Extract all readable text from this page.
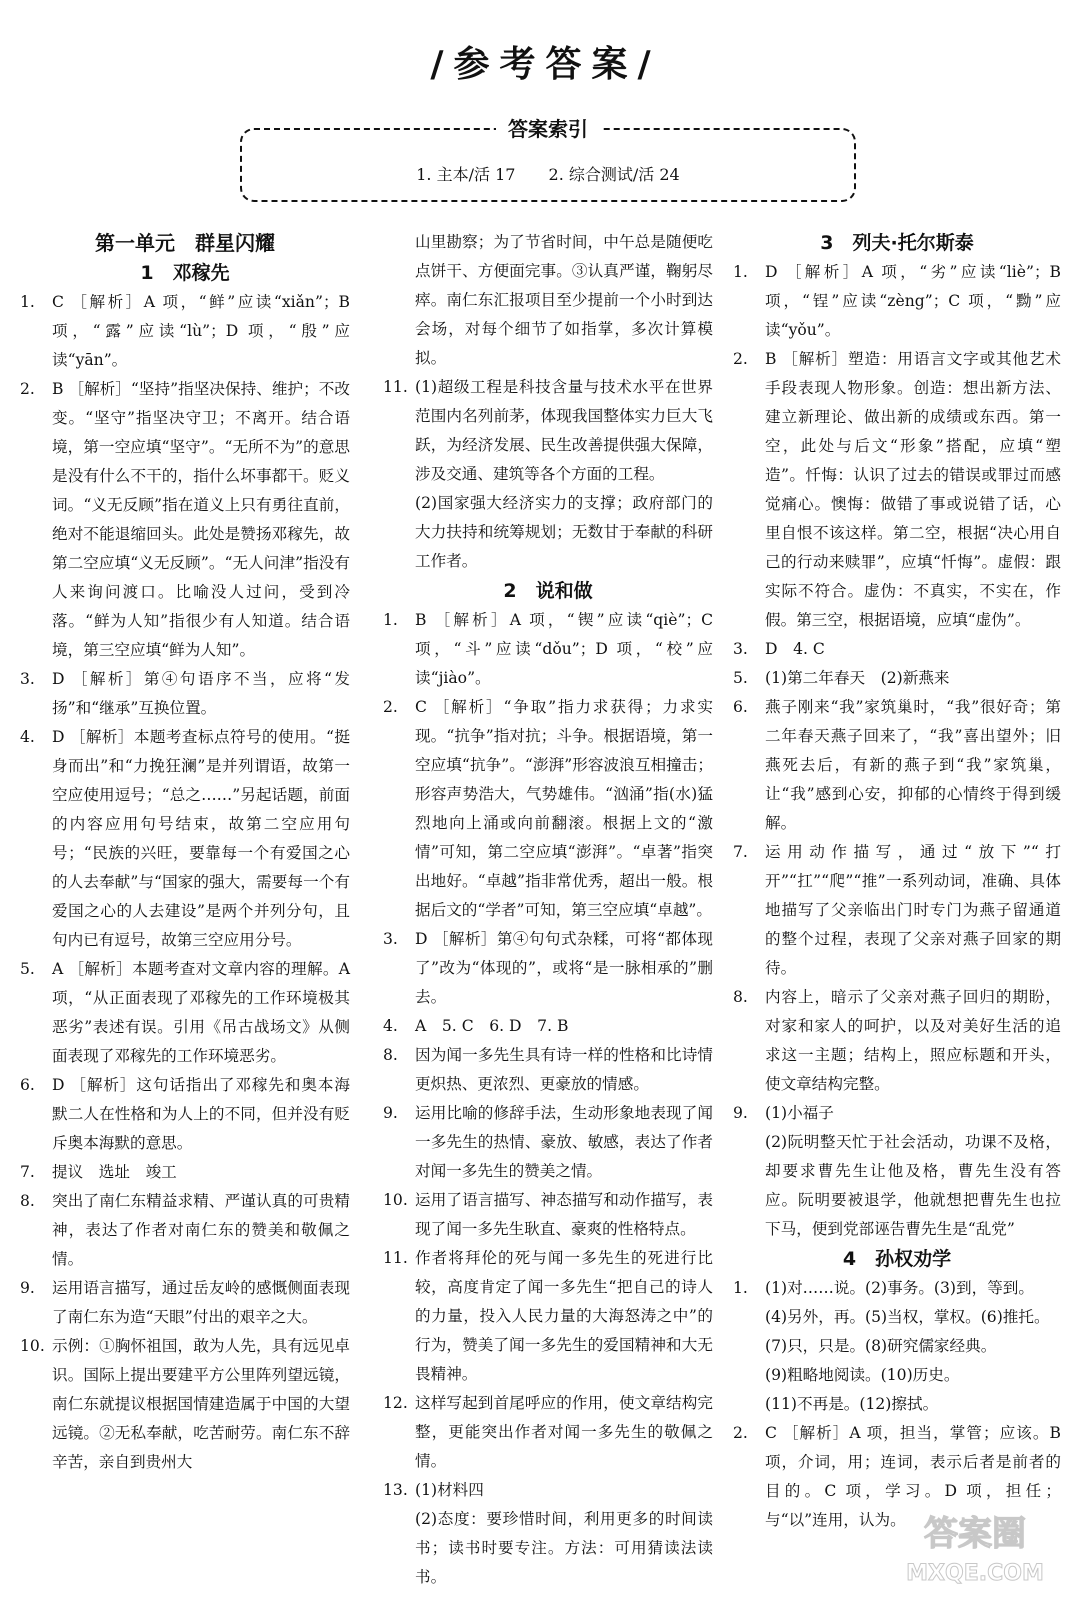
/参考答案/
答案索引
1. 主本/活 17 2. 综合测试/活 24
第一单元　群星闪耀
1　邓稼先
1.	C ［解析］A 项，“鲜”应读“xiǎn”；B项，“露”应读“lù”；D 项，“殷”应读“yān”。
2.	B ［解析］“坚持”指坚决保持、维护；不改变。“坚守”指坚决守卫；不离开。结合语境，第一空应填“坚守”。“无所不为”的意思是没有什么不干的，指什么坏事都干。贬义词。“义无反顾”指在道义上只有勇往直前，绝对不能退缩回头。此处是赞扬邓稼先，故第二空应填“义无反顾”。“无人问津”指没有人来询问渡口。比喻没人过问，受到冷落。“鲜为人知”指很少有人知道。结合语境，第三空应填“鲜为人知”。
3.	D ［解析］第④句语序不当，应将“发扬”和“继承”互换位置。
4.	D ［解析］本题考查标点符号的使用。“挺身而出”和“力挽狂澜”是并列谓语，故第一空应使用逗号；“总之……”另起话题，前面的内容应用句号结束，故第二空应用句号；“民族的兴旺，要靠每一个有爱国之心的人去奉献”与“国家的强大，需要每一个有爱国之心的人去建设”是两个并列分句，且句内已有逗号，故第三空应用分号。
5.	A ［解析］本题考查对文章内容的理解。A 项，“从正面表现了邓稼先的工作环境极其恶劣”表述有误。引用《吊古战场文》从侧面表现了邓稼先的工作环境恶劣。
6.	D ［解析］这句话指出了邓稼先和奥本海默二人在性格和为人上的不同，但并没有贬斥奥本海默的意思。
7.	提议　选址　竣工
8.	突出了南仁东精益求精、严谨认真的可贵精神，表达了作者对南仁东的赞美和敬佩之情。
9.	运用语言描写，通过岳友岭的感慨侧面表现了南仁东为造“天眼”付出的艰辛之大。
10. 示例：①胸怀祖国，敢为人先，具有远见卓识。国际上提出要建平方公里阵列望远镜，南仁东就提议根据国情建造属于中国的大望远镜。②无私奉献，吃苦耐劳。南仁东不辞辛苦，亲自到贵州大
山里勘察；为了节省时间，中午总是随便吃点饼干、方便面完事。③认真严谨，鞠躬尽瘁。南仁东汇报项目至少提前一个小时到达会场，对每个细节了如指掌，多次计算模拟。
11. (1)超级工程是科技含量与技术水平在世界范围内名列前茅，体现我国整体实力巨大飞跃，为经济发展、民生改善提供强大保障，涉及交通、建筑等各个方面的工程。
(2)国家强大经济实力的支撑；政府部门的大力扶持和统筹规划；无数甘于奉献的科研工作者。
2　说和做
1.	B ［解析］A 项，“锲”应读“qiè”；C 项，“斗”应读“dǒu”；D 项，“校”应读“jiào”。
2.	C ［解析］“争取”指力求获得；力求实现。“抗争”指对抗；斗争。根据语境，第一空应填“抗争”。“澎湃”形容波浪互相撞击；形容声势浩大，气势雄伟。“汹涌”指(水)猛烈地向上涌或向前翻滚。根据上文的“激情”可知，第二空应填“澎湃”。“卓著”指突出地好。“卓越”指非常优秀，超出一般。根据后文的“学者”可知，第三空应填“卓越”。
3.	D ［解析］第④句句式杂糅，可将“都体现了”改为“体现的”，或将“是一脉相承的”删去。
4.	A　5. C　6. D　7. B
8.	因为闻一多先生具有诗一样的性格和比诗情更炽热、更浓烈、更豪放的情感。
9.	运用比喻的修辞手法，生动形象地表现了闻一多先生的热情、豪放、敏感，表达了作者对闻一多先生的赞美之情。
10. 运用了语言描写、神态描写和动作描写，表现了闻一多先生耿直、豪爽的性格特点。
11. 作者将拜伦的死与闻一多先生的死进行比较，高度肯定了闻一多先生“把自己的诗人的力量，投入人民力量的大海怒涛之中”的行为，赞美了闻一多先生的爱国精神和大无畏精神。
12. 这样写起到首尾呼应的作用，使文章结构完整，更能突出作者对闻一多先生的敬佩之情。
13. (1)材料四
(2)态度：要珍惜时间，利用更多的时间读书；读书时要专注。方法：可用猜读法读书。
3　列夫·托尔斯泰
1.	D ［解析］A 项，“劣”应读“liè”；B 项，“锃”应读“zèng”；C 项，“黝”应读“yǒu”。
2.	B ［解析］塑造：用语言文字或其他艺术手段表现人物形象。创造：想出新方法、建立新理论、做出新的成绩或东西。第一空，此处与后文“形象”搭配，应填“塑造”。忏悔：认识了过去的错误或罪过而感觉痛心。懊悔：做错了事或说错了话，心里自恨不该这样。第二空，根据“决心用自己的行动来赎罪”，应填“忏悔”。虚假：跟实际不符合。虚伪：不真实，不实在，作假。第三空，根据语境，应填“虚伪”。
3.	D　4. C
5.	(1)第二年春天　(2)新燕来
6.	燕子刚来“我”家筑巢时，“我”很好奇；第二年春天燕子回来了，“我”喜出望外；旧燕死去后，有新的燕子到“我”家筑巢，让“我”感到心安，抑郁的心情终于得到缓解。
7.	运用动作描写，通过“放下”“打开”“扛”“爬”“推”一系列动词，准确、具体地描写了父亲临出门时专门为燕子留通道的整个过程，表现了父亲对燕子回家的期待。
8.	内容上，暗示了父亲对燕子回归的期盼，对家和家人的呵护，以及对美好生活的追求这一主题；结构上，照应标题和开头，使文章结构完整。
9.	(1)小福子
(2)阮明整天忙于社会活动，功课不及格，却要求曹先生让他及格，曹先生没有答应。阮明要被退学，他就想把曹先生也拉下马，便到党部诬告曹先生是“乱党”
4　孙权劝学
1.	(1)对……说。(2)事务。(3)到，等到。
(4)另外，再。(5)当权，掌权。(6)推托。
(7)只，只是。(8)研究儒家经典。
(9)粗略地阅读。(10)历史。
(11)不再是。(12)擦拭。
2.	C ［解析］A 项，担当，掌管；应该。B 项，介词，用；连词，表示后者是前者的目的。C 项，学习。D 项，担任；与“以”连用，认为。 答案圈
MXQE.COM
